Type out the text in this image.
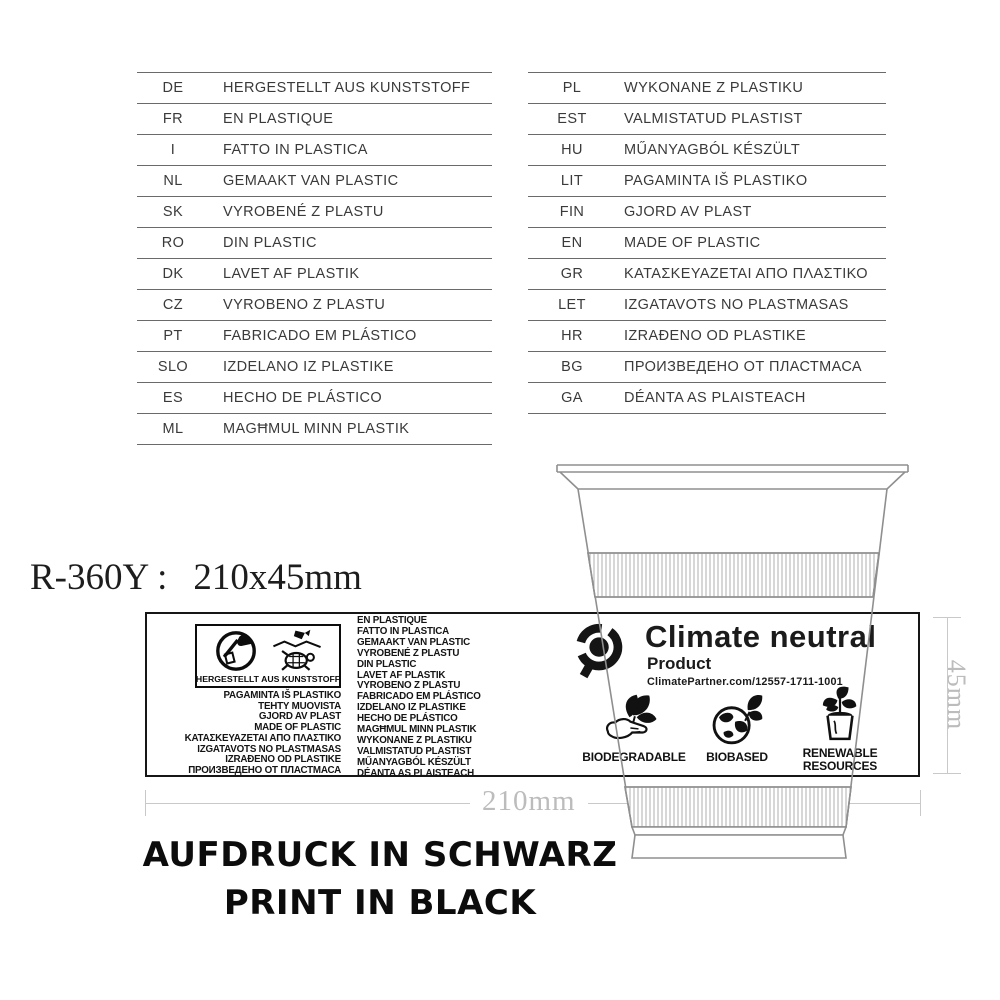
DE	HERGESTELLT AUS KUNSTSTOFF
FR	EN PLASTIQUE
I	FATTO IN PLASTICA
NL	GEMAAKT VAN PLASTIC
SK	VYROBENÉ Z PLASTU
RO	DIN PLASTIC
DK	LAVET AF PLASTIK
CZ	VYROBENO Z PLASTU
PT	FABRICADO EM PLÁSTICO
SLO	IZDELANO IZ PLASTIKE
ES	HECHO DE PLÁSTICO
ML	MAGĦMUL MINN PLASTIK
PL	WYKONANE Z PLASTIKU
EST	VALMISTATUD PLASTIST
HU	MŰANYAGBÓL KÉSZÜLT
LIT	PAGAMINTA IŠ PLASTIKO
FIN	GJORD AV PLAST
EN	MADE OF PLASTIC
GR	ΚΑΤΑΣΚΕΥΑΖΕΤΑΙ ΑΠΟ ΠΛΑΣΤΙΚΟ
LET	IZGATAVOTS NO PLASTMASAS
HR	IZRAĐENO OD PLASTIKE
BG	ПРОИЗВЕДЕНО ОТ ПЛАСТМАСА
GA	DÉANTA AS PLAISTEACH
R-360Y : 210x45mm
210mm
45mm
HERGESTELLT AUS KUNSTSTOFF
PAGAMINTA IŠ PLASTIKO
TEHTY MUOVISTA
GJORD AV PLAST
MADE OF PLASTIC
ΚΑΤΑΣΚΕΥΑΖΕΤΑΙ ΑΠΟ ΠΛΑΣΤΙΚΟ
IZGATAVOTS NO PLASTMASAS
IZRAĐENO OD PLASTIKE
ПРОИЗВЕДЕНО ОТ ПЛАСТМАСА
EN PLASTIQUE
FATTO IN PLASTICA
GEMAAKT VAN PLASTIC
VYROBENÉ Z PLASTU
DIN PLASTIC
LAVET AF PLASTIK
VYROBENO Z PLASTU
FABRICADO EM PLÁSTICO
IZDELANO IZ PLASTIKE
HECHO DE PLÁSTICO
MAGĦMUL MINN PLASTIK
WYKONANE Z PLASTIKU
VALMISTATUD PLASTIST
MŰANYAGBÓL KÉSZÜLT
DÉANTA AS PLAISTEACH
Climate neutral
Product
ClimatePartner.com/12557-1711-1001
BIODEGRADABLE	BIOBASED	RENEWABLE
RESOURCES
AUFDRUCK IN SCHWARZ
PRINT IN BLACK
